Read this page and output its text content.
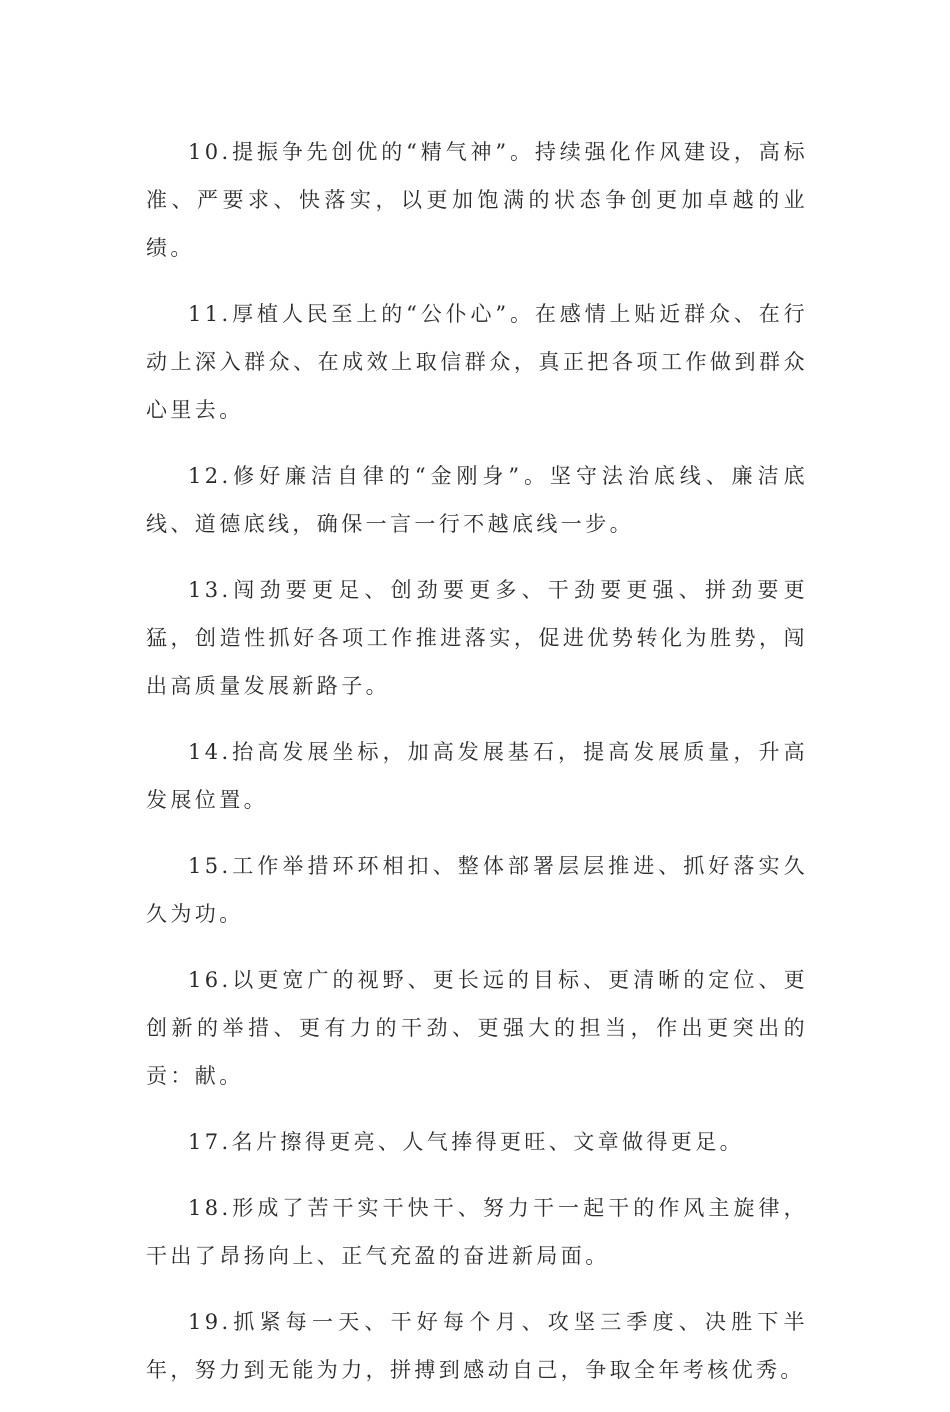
10.提振争先创优的“精气神”。持续强化作风建设，高标准、严要求、快落实，以更加饱满的状态争创更加卓越的业绩。

11.厚植人民至上的“公仆心”。在感情上贴近群众、在行动上深入群众、在成效上取信群众，真正把各项工作做到群众心里去。

12.修好廉洁自律的“金刚身”。坚守法治底线、廉洁底线、道德底线，确保一言一行不越底线一步。

13.闯劲要更足、创劲要更多、干劲要更强、拼劲要更猛，创造性抓好各项工作推进落实，促进优势转化为胜势，闯出高质量发展新路子。

14.抬高发展坐标，加高发展基石，提高发展质量，升高发展位置。

15.工作举措环环相扣、整体部署层层推进、抓好落实久久为功。

16.以更宽广的视野、更长远的目标、更清晰的定位、更创新的举措、更有力的干劲、更强大的担当，作出更突出的贡：献。

17.名片擦得更亮、人气捧得更旺、文章做得更足。

18.形成了苦干实干快干、努力干一起干的作风主旋律，干出了昂扬向上、正气充盈的奋进新局面。

19.抓紧每一天、干好每个月、攻坚三季度、决胜下半年，努力到无能为力，拼搏到感动自己，争取全年考核优秀。
